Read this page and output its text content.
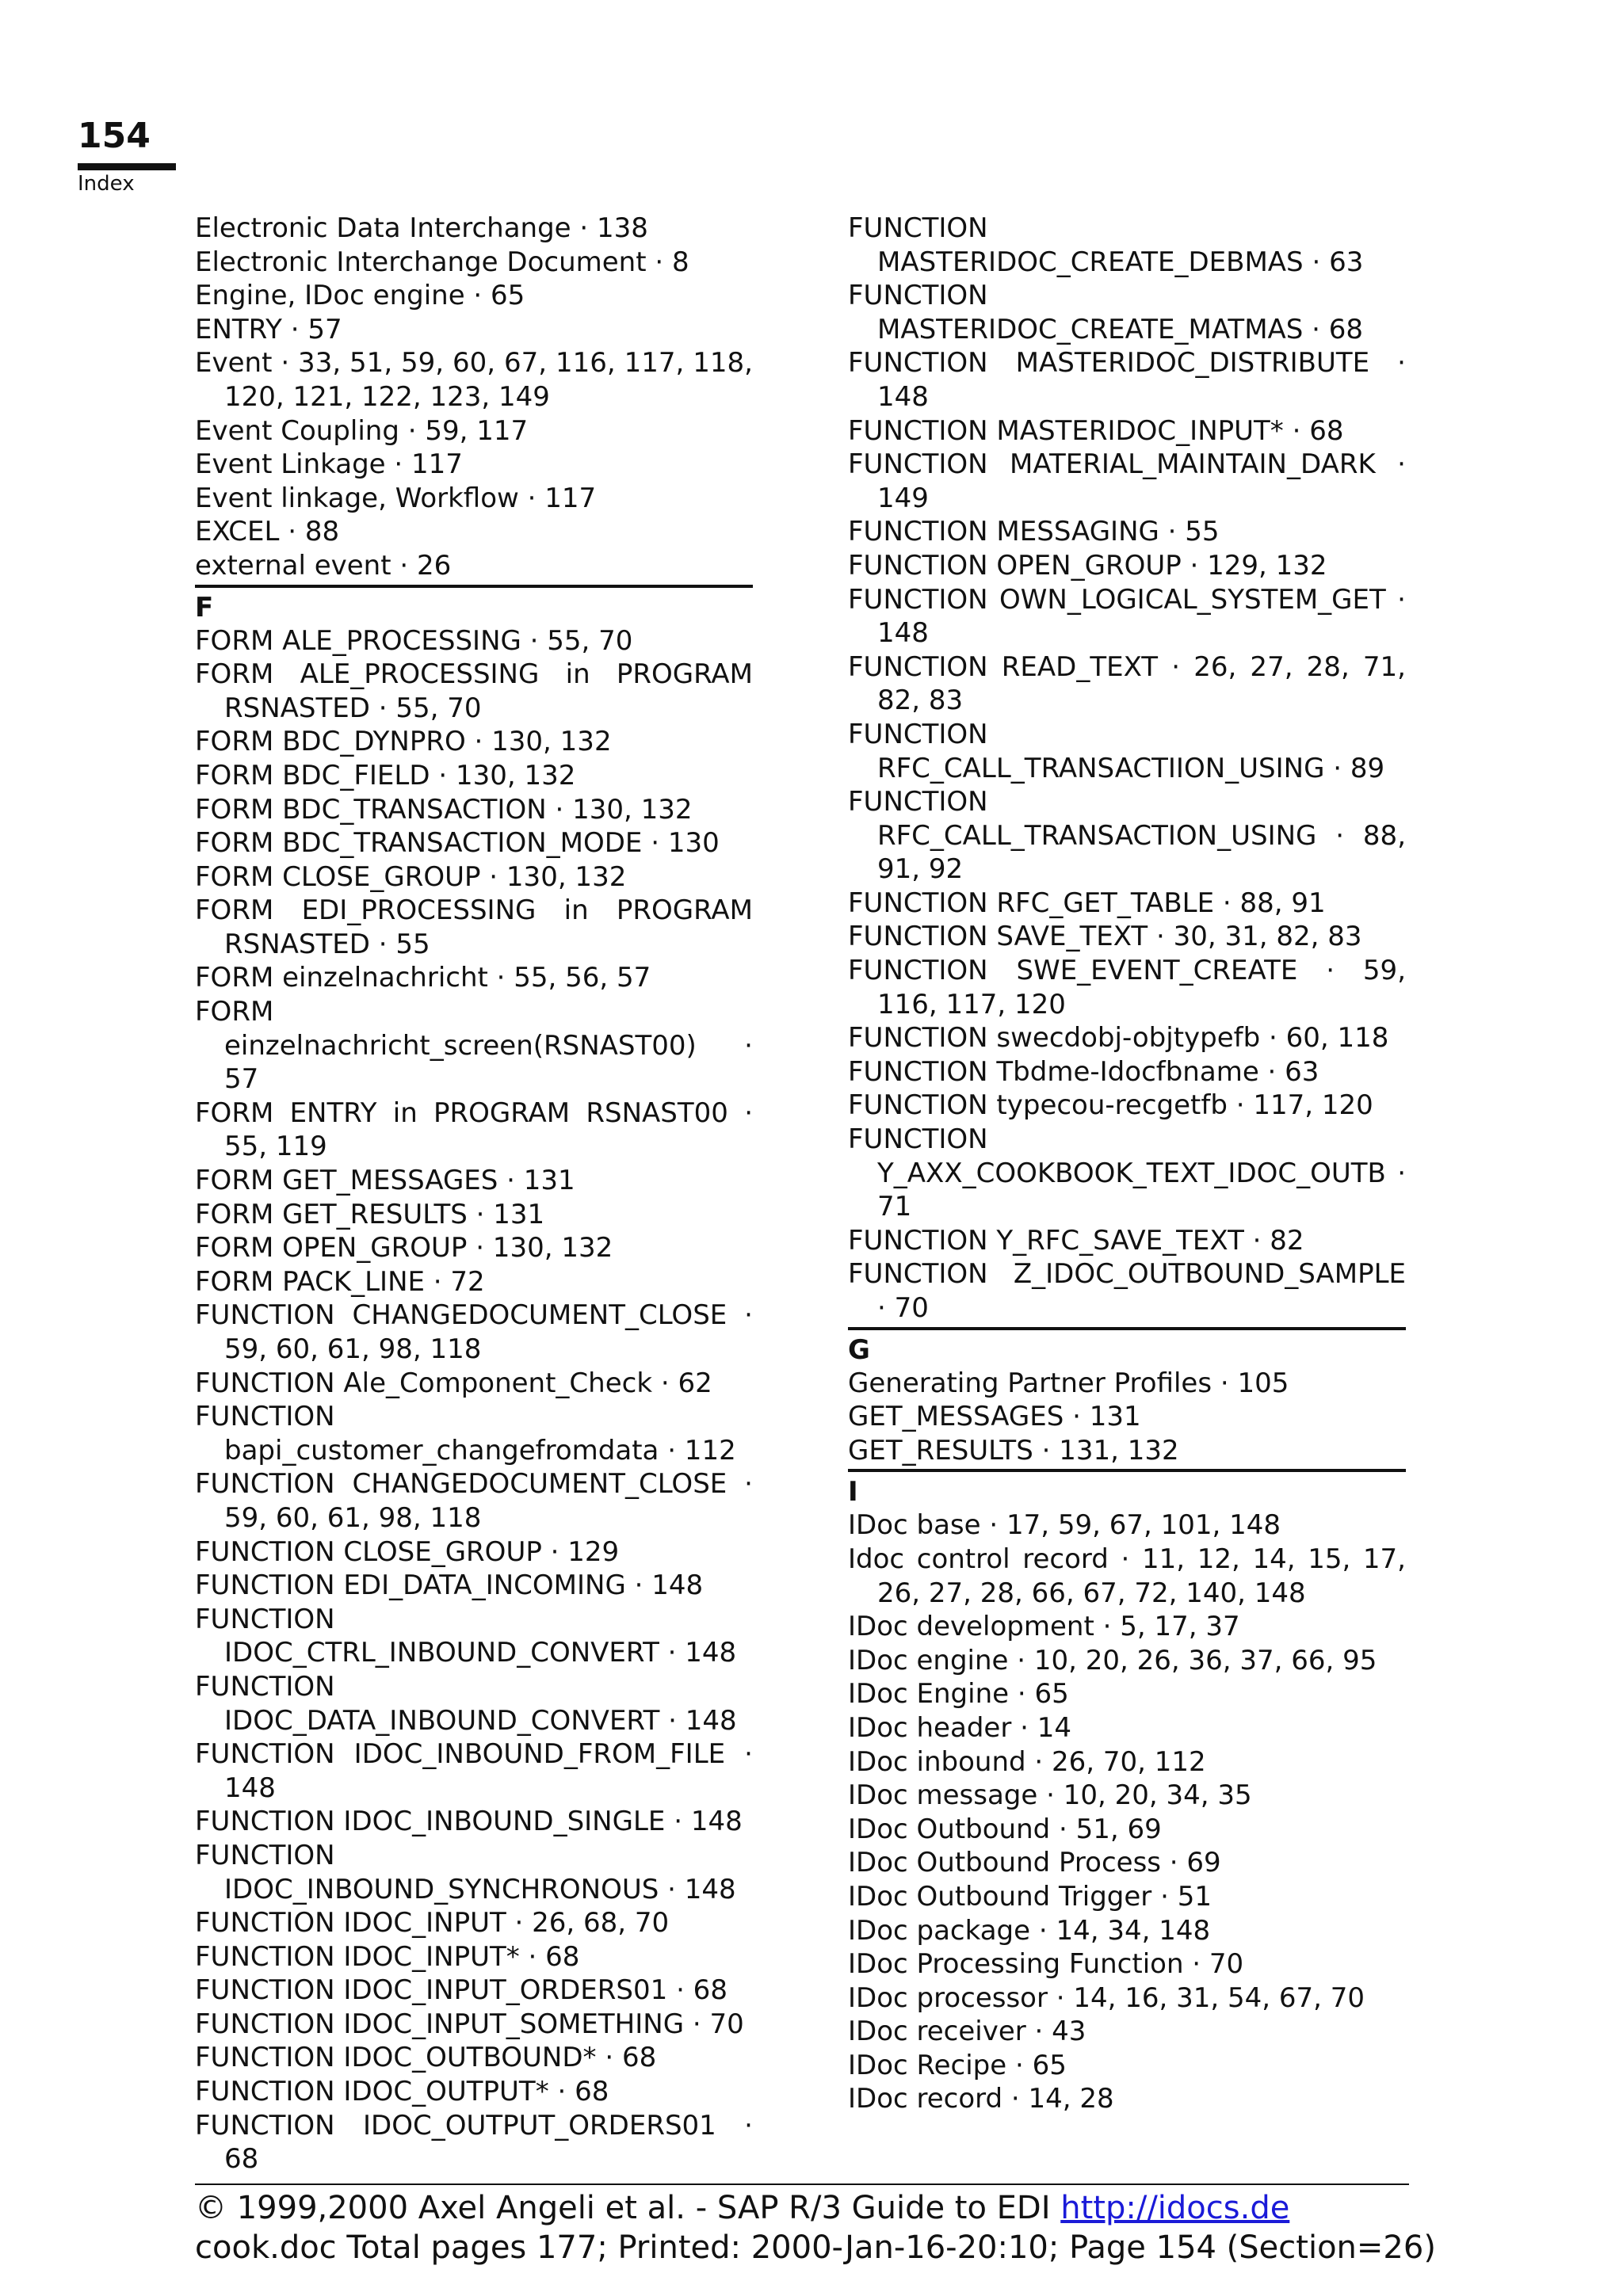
154
Index
Electronic Data Interchange · 138
Electronic Interchange Document · 8
Engine, IDoc engine · 65
ENTRY · 57
Event · 33, 51, 59, 60, 67, 116, 117, 118, 120, 121, 122, 123, 149
Event Coupling · 59, 117
Event Linkage · 117
Event linkage, Workflow · 117
EXCEL · 88
external event · 26
F
FORM ALE_PROCESSING · 55, 70
FORM ALE_PROCESSING in PROGRAM RSNASTED · 55, 70
FORM BDC_DYNPRO · 130, 132
FORM BDC_FIELD · 130, 132
FORM BDC_TRANSACTION · 130, 132
FORM BDC_TRANSACTION_MODE · 130
FORM CLOSE_GROUP · 130, 132
FORM EDI_PROCESSING in PROGRAM RSNASTED · 55
FORM einzelnachricht · 55, 56, 57
FORM einzelnachricht_screen(RSNAST00) · 57
FORM ENTRY in PROGRAM RSNAST00 · 55, 119
FORM GET_MESSAGES · 131
FORM GET_RESULTS · 131
FORM OPEN_GROUP · 130, 132
FORM PACK_LINE · 72
FUNCTION CHANGEDOCUMENT_CLOSE · 59, 60, 61, 98, 118
FUNCTION Ale_Component_Check · 62
FUNCTION bapi_customer_changefromdata · 112
FUNCTION CHANGEDOCUMENT_CLOSE · 59, 60, 61, 98, 118
FUNCTION CLOSE_GROUP · 129
FUNCTION EDI_DATA_INCOMING · 148
FUNCTION IDOC_CTRL_INBOUND_CONVERT · 148
FUNCTION IDOC_DATA_INBOUND_CONVERT · 148
FUNCTION IDOC_INBOUND_FROM_FILE · 148
FUNCTION IDOC_INBOUND_SINGLE · 148
FUNCTION IDOC_INBOUND_SYNCHRONOUS · 148
FUNCTION IDOC_INPUT · 26, 68, 70
FUNCTION IDOC_INPUT* · 68
FUNCTION IDOC_INPUT_ORDERS01 · 68
FUNCTION IDOC_INPUT_SOMETHING · 70
FUNCTION IDOC_OUTBOUND* · 68
FUNCTION IDOC_OUTPUT* · 68
FUNCTION IDOC_OUTPUT_ORDERS01 · 68
FUNCTION MASTERIDOC_CREATE_DEBMAS · 63
FUNCTION MASTERIDOC_CREATE_MATMAS · 68
FUNCTION MASTERIDOC_DISTRIBUTE · 148
FUNCTION MASTERIDOC_INPUT* · 68
FUNCTION MATERIAL_MAINTAIN_DARK · 149
FUNCTION MESSAGING · 55
FUNCTION OPEN_GROUP · 129, 132
FUNCTION OWN_LOGICAL_SYSTEM_GET · 148
FUNCTION READ_TEXT · 26, 27, 28, 71, 82, 83
FUNCTION RFC_CALL_TRANSACTIION_USING · 89
FUNCTION RFC_CALL_TRANSACTION_USING · 88, 91, 92
FUNCTION RFC_GET_TABLE · 88, 91
FUNCTION SAVE_TEXT · 30, 31, 82, 83
FUNCTION SWE_EVENT_CREATE · 59, 116, 117, 120
FUNCTION swecdobj-objtypefb · 60, 118
FUNCTION Tbdme-Idocfbname · 63
FUNCTION typecou-recgetfb · 117, 120
FUNCTION Y_AXX_COOKBOOK_TEXT_IDOC_OUTB · 71
FUNCTION Y_RFC_SAVE_TEXT · 82
FUNCTION Z_IDOC_OUTBOUND_SAMPLE · 70
G
Generating Partner Profiles · 105
GET_MESSAGES · 131
GET_RESULTS · 131, 132
I
IDoc base · 17, 59, 67, 101, 148
Idoc control record · 11, 12, 14, 15, 17, 26, 27, 28, 66, 67, 72, 140, 148
IDoc development · 5, 17, 37
IDoc engine · 10, 20, 26, 36, 37, 66, 95
IDoc Engine · 65
IDoc header · 14
IDoc inbound · 26, 70, 112
IDoc message · 10, 20, 34, 35
IDoc Outbound · 51, 69
IDoc Outbound Process · 69
IDoc Outbound Trigger · 51
IDoc package · 14, 34, 148
IDoc Processing Function · 70
IDoc processor · 14, 16, 31, 54, 67, 70
IDoc receiver · 43
IDoc Recipe · 65
IDoc record · 14, 28
© 1999,2000 Axel Angeli et al. - SAP R/3 Guide to EDI http://idocs.de
cook.doc Total pages 177; Printed: 2000-Jan-16-20:10; Page 154 (Section=26)
